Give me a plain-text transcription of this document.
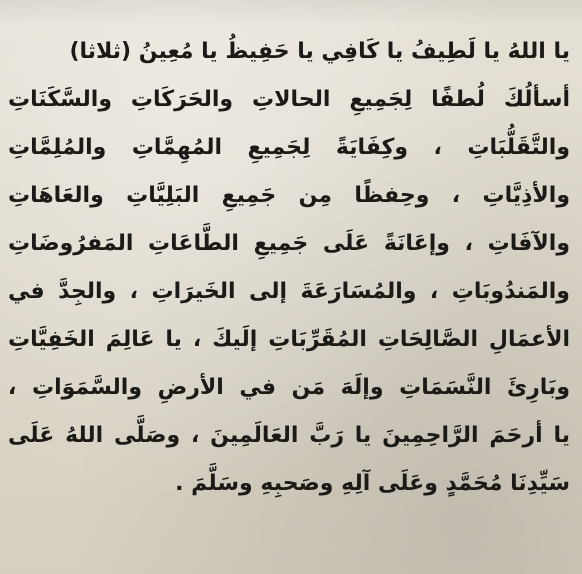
يا اللهُ يا لَطِيفُ يا كَافِي يا حَفِيظُ يا مُعِينُ (ثلاثا)
أسألُكَ لُطفًا لِجَمِيعِ الحالاتِ والحَرَكَاتِ والسَّكَنَاتِ
والتَّقَلُّبَاتِ ، وكِفَايَةً لِجَمِيعِ المُهِمَّاتِ والمُلِمَّاتِ
والأذِيَّاتِ ، وحِفظًا مِن جَمِيعِ البَلِيَّاتِ والعَاهَاتِ
والآفَاتِ ، وإعَانَةً عَلَى جَمِيعِ الطَّاعَاتِ المَفرُوضَاتِ
والمَندُوبَاتِ ، والمُسَارَعَةَ إلى الخَيرَاتِ ، والجِدَّ في
الأعمَالِ الصَّالِحَاتِ المُقَرِّبَاتِ إلَيكَ ، يا عَالِمَ الخَفِيَّاتِ
وبَارِئَ النَّسَمَاتِ وإلَهَ مَن في الأرضِ والسَّمَوَاتِ ،
يا أرحَمَ الرَّاحِمِينَ يا رَبَّ العَالَمِينَ ، وصَلَّى اللهُ عَلَى
سَيِّدِنَا مُحَمَّدٍ وعَلَى آلِهِ وصَحبِهِ وسَلَّمَ .
